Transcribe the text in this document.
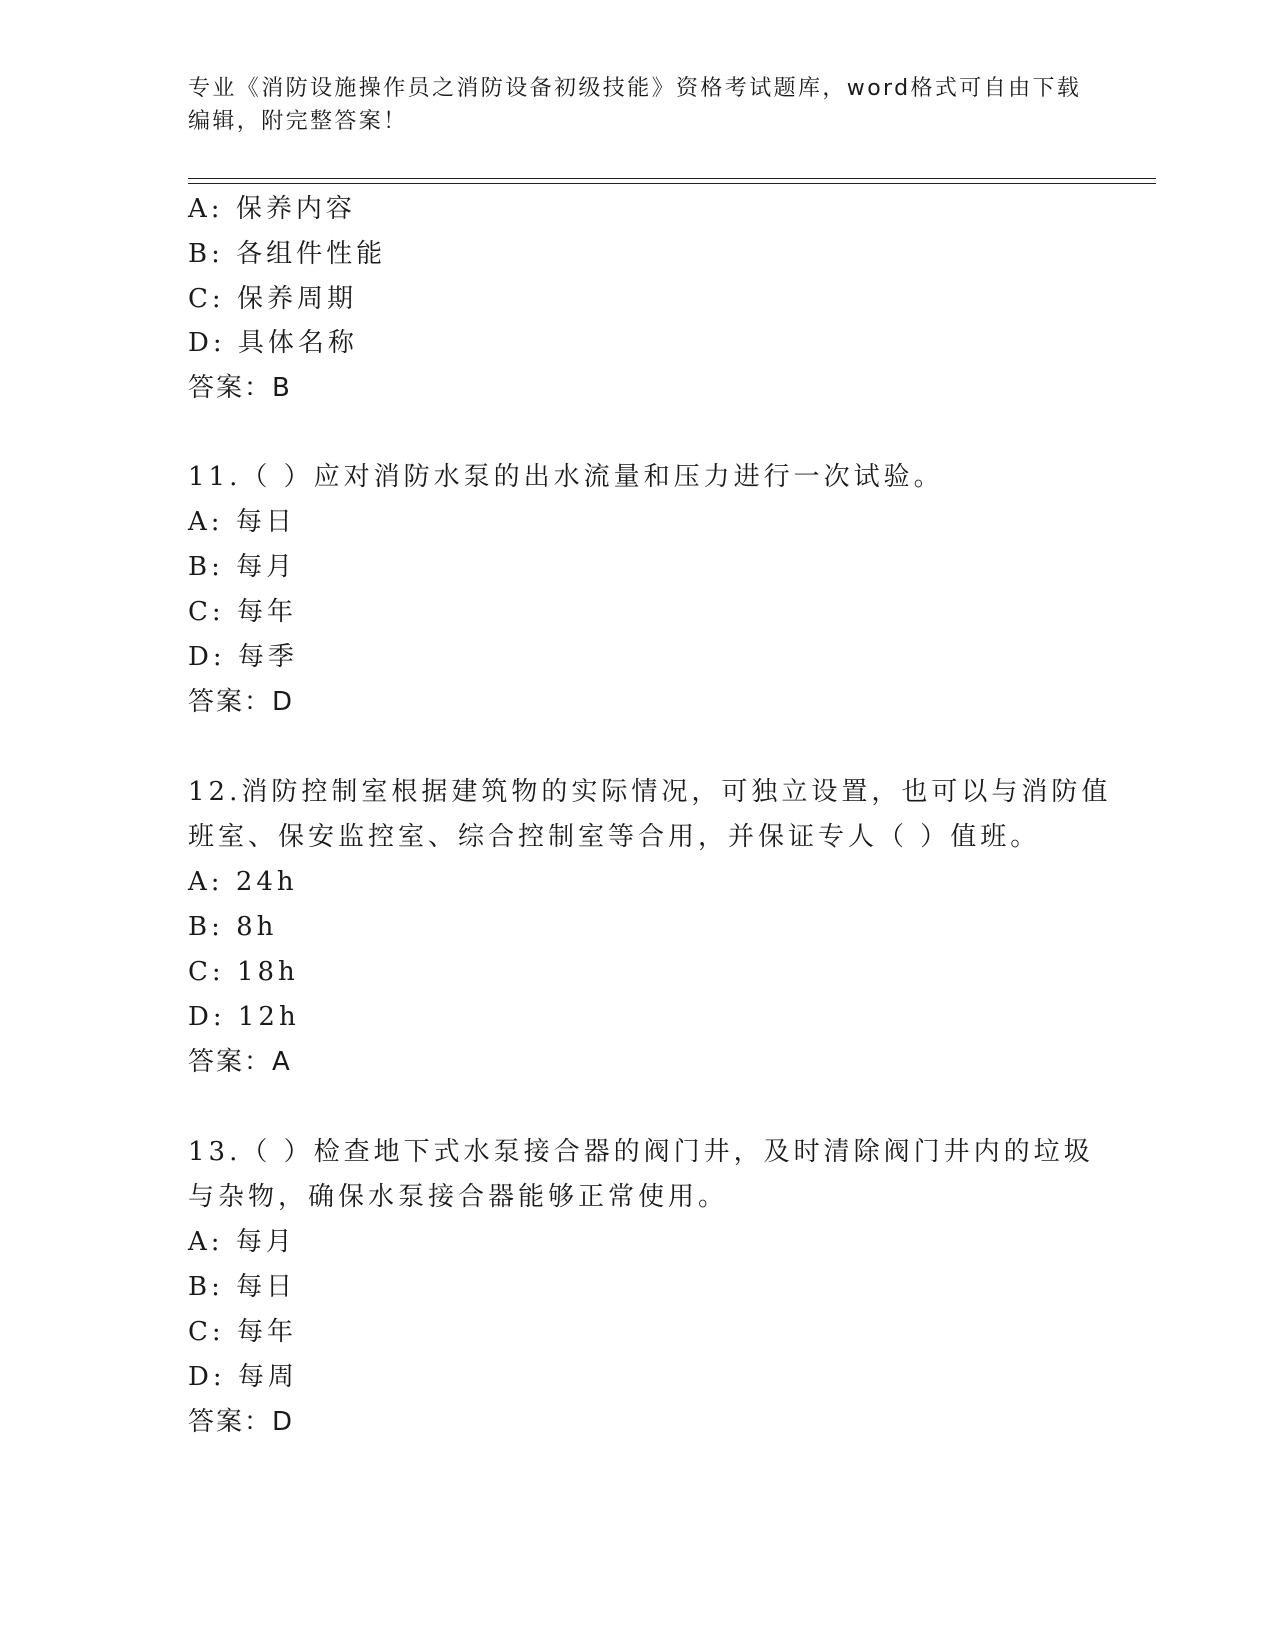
专业《消防设施操作员之消防设备初级技能》资格考试题库，word格式可自由下载编辑，附完整答案！
A: 保养内容
B: 各组件性能
C: 保养周期
D: 具体名称
答案：B
11.（ ）应对消防水泵的出水流量和压力进行一次试验。
A: 每日
B: 每月
C: 每年
D: 每季
答案：D
12.消防控制室根据建筑物的实际情况，可独立设置，也可以与消防值
班室、保安监控室、综合控制室等合用，并保证专人（ ）值班。
A: 24h
B: 8h
C: 18h
D: 12h
答案：A
13.（ ）检查地下式水泵接合器的阀门井，及时清除阀门井内的垃圾
与杂物，确保水泵接合器能够正常使用。
A: 每月
B: 每日
C: 每年
D: 每周
答案：D
